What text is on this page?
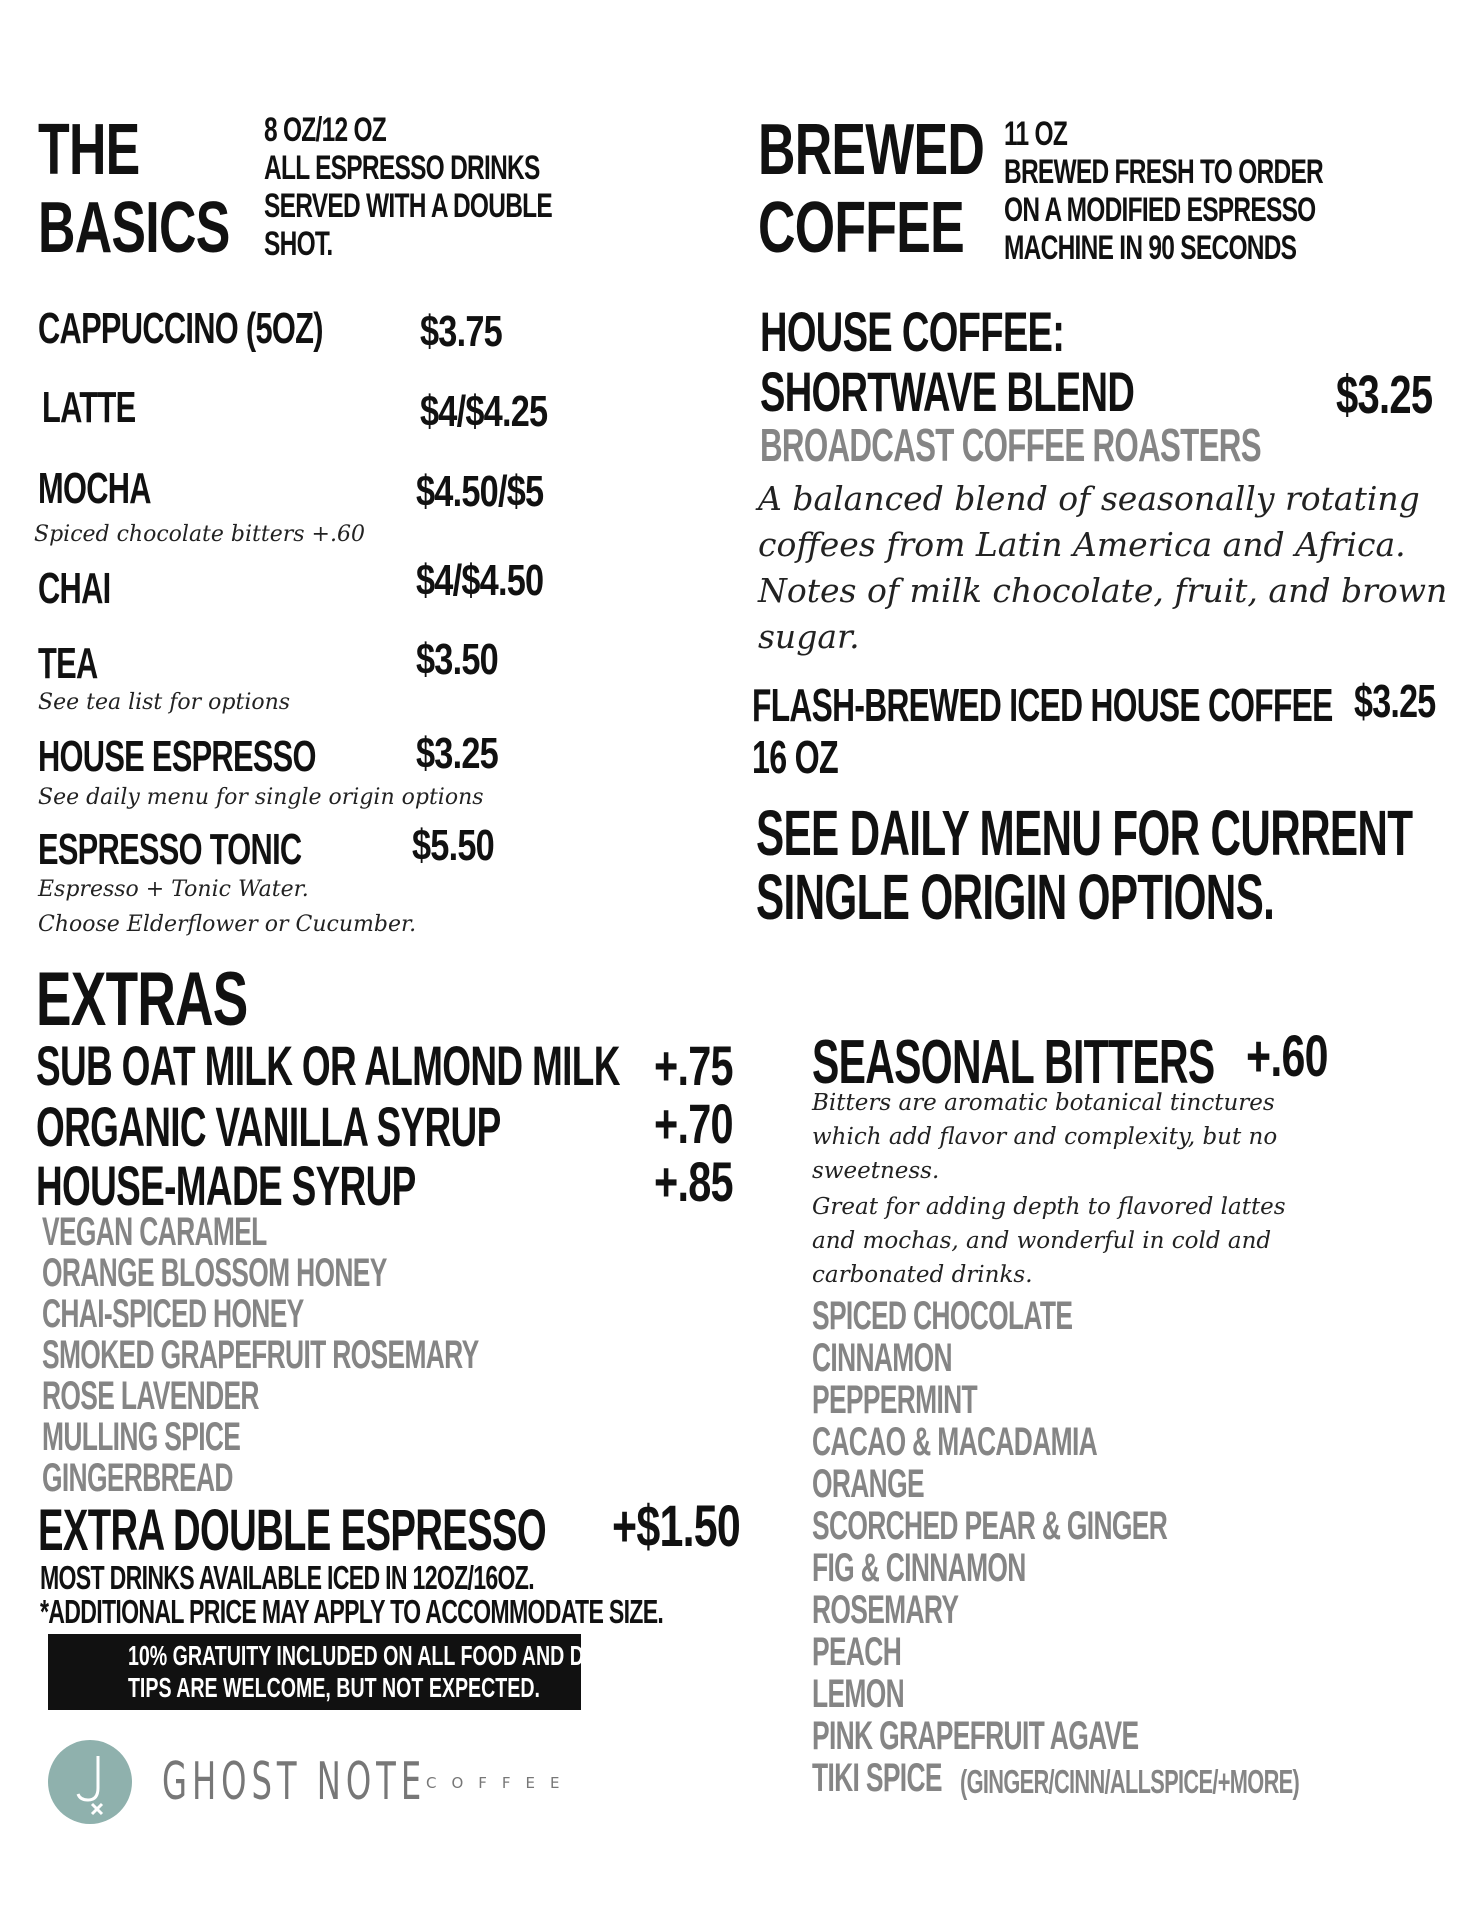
THE
BASICS
8 OZ/12 OZ
ALL ESPRESSO DRINKS
SERVED WITH A DOUBLE
SHOT.
CAPPUCCINO (5OZ) $3.75
LATTE	$4/$4.25
MOCHA	$4.50/$5
Spiced chocolate bitters +.60
CHAI	$4/$4.50
TEA	$3.50
See tea list for options
HOUSE ESPRESSO $3.25
See daily menu for single origin options
ESPRESSO TONIC	$5.50
Espresso + Tonic Water.
Choose Elderflower or Cucumber.
BREWED
COFFEE
11 OZ
BREWED FRESH TO ORDER
ON A MODIFIED ESPRESSO
MACHINE IN 90 SECONDS
HOUSE COFFEE:
SHORTWAVE BLEND	$3.25
BROADCAST COFFEE ROASTERS
A balanced blend of seasonally rotating
coffees from Latin America and Africa.
Notes of milk chocolate, fruit, and brown
sugar.
FLASH-BREWED ICED HOUSE COFFEE $3.25
16 OZ
SEE DAILY MENU FOR CURRENT
SINGLE ORIGIN OPTIONS.
EXTRAS
SUB OAT MILK OR ALMOND MILK +.75
ORGANIC VANILLA SYRUP	+.70
HOUSE-MADE SYRUP	+.85
VEGAN CARAMEL
ORANGE BLOSSOM HONEY
CHAI-SPICED HONEY
SMOKED GRAPEFRUIT ROSEMARY
ROSE LAVENDER
MULLING SPICE
GINGERBREAD
EXTRA DOUBLE ESPRESSO +$1.50
MOST DRINKS AVAILABLE ICED IN 12OZ/16OZ.
*ADDITIONAL PRICE MAY APPLY TO ACCOMMODATE SIZE.
10% GRATUITY INCLUDED ON ALL FOOD AND DRINK.
TIPS ARE WELCOME, BUT NOT EXPECTED.
GHOST NOTE COFFEE
SEASONAL BITTERS +.60
Bitters are aromatic botanical tinctures
which add flavor and complexity, but no
sweetness.
Great for adding depth to flavored lattes
and mochas, and wonderful in cold and
carbonated drinks.
SPICED CHOCOLATE
CINNAMON
PEPPERMINT
CACAO & MACADAMIA
ORANGE
SCORCHED PEAR & GINGER
FIG & CINNAMON
ROSEMARY
PEACH
LEMON
PINK GRAPEFRUIT AGAVE
TIKI SPICE (GINGER/CINN/ALLSPICE/+MORE)
